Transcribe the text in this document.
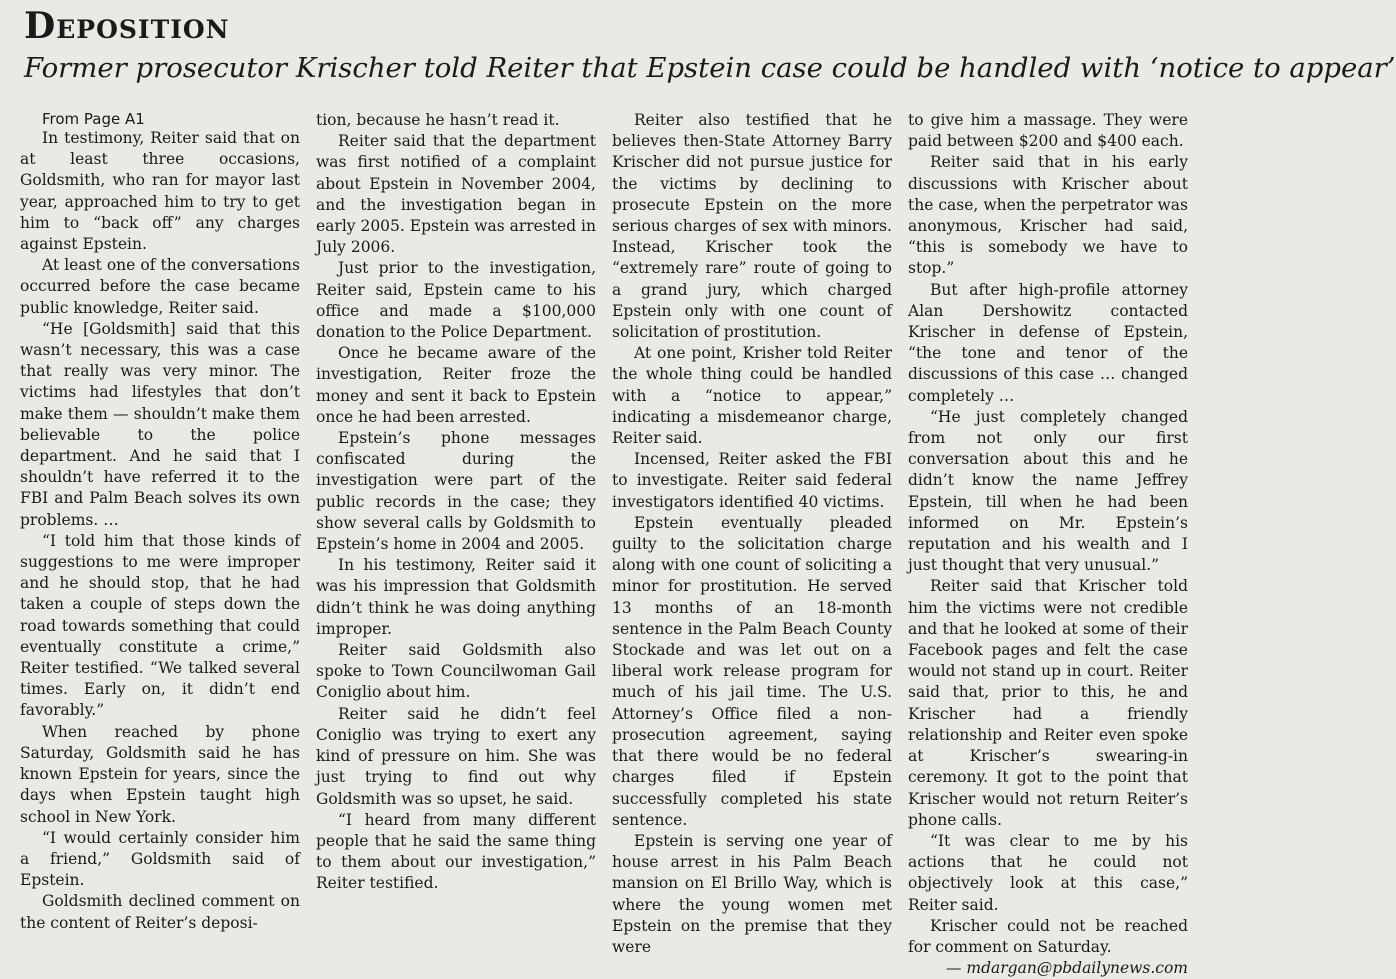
Deposition
Former prosecutor Krischer told Reiter that Epstein case could be handled with ‘notice to appear’

From Page A1

In testimony, Reiter said that on at least three occasions, Goldsmith, who ran for mayor last year, approached him to try to get him to “back off” any charges against Epstein.

At least one of the conversations occurred before the case became public knowledge, Reiter said.

“He [Goldsmith] said that this wasn’t necessary, this was a case that really was very minor. The victims had lifestyles that don’t make them — shouldn’t make them believable to the police department. And he said that I shouldn’t have referred it to the FBI and Palm Beach solves its own problems. …

“I told him that those kinds of suggestions to me were improper and he should stop, that he had taken a couple of steps down the road towards something that could eventually constitute a crime,” Reiter testified. “We talked several times. Early on, it didn’t end favorably.”

When reached by phone Saturday, Goldsmith said he has known Epstein for years, since the days when Epstein taught high school in New York.

“I would certainly consider him a friend,” Goldsmith said of Epstein.

Goldsmith declined comment on the content of Reiter’s deposi-

tion, because he hasn’t read it.

Reiter said that the department was first notified of a complaint about Epstein in November 2004, and the investigation began in early 2005. Epstein was arrested in July 2006.

Just prior to the investigation, Reiter said, Epstein came to his office and made a $100,000 donation to the Police Department.

Once he became aware of the investigation, Reiter froze the money and sent it back to Epstein once he had been arrested.

Epstein’s phone messages confiscated during the investigation were part of the public records in the case; they show several calls by Goldsmith to Epstein’s home in 2004 and 2005.

In his testimony, Reiter said it was his impression that Goldsmith didn’t think he was doing anything improper.

Reiter said Goldsmith also spoke to Town Councilwoman Gail Coniglio about him.

Reiter said he didn’t feel Coniglio was trying to exert any kind of pressure on him. She was just trying to find out why Goldsmith was so upset, he said.

“I heard from many different people that he said the same thing to them about our investigation,” Reiter testified.

Reiter also testified that he believes then-State Attorney Barry Krischer did not pursue justice for the victims by declining to prosecute Epstein on the more serious charges of sex with minors. Instead, Krischer took the “extremely rare” route of going to a grand jury, which charged Epstein only with one count of solicitation of prostitution.

At one point, Krisher told Reiter the whole thing could be handled with a “notice to appear,” indicating a misdemeanor charge, Reiter said.

Incensed, Reiter asked the FBI to investigate. Reiter said federal investigators identified 40 victims.

Epstein eventually pleaded guilty to the solicitation charge along with one count of soliciting a minor for prostitution. He served 13 months of an 18-month sentence in the Palm Beach County Stockade and was let out on a liberal work release program for much of his jail time. The U.S. Attorney’s Office filed a non-prosecution agreement, saying that there would be no federal charges filed if Epstein successfully completed his state sentence.

Epstein is serving one year of house arrest in his Palm Beach mansion on El Brillo Way, which is where the young women met Epstein on the premise that they were

to give him a massage. They were paid between $200 and $400 each.

Reiter said that in his early discussions with Krischer about the case, when the perpetrator was anonymous, Krischer had said, “this is somebody we have to stop.”

But after high-profile attorney Alan Dershowitz contacted Krischer in defense of Epstein, “the tone and tenor of the discussions of this case … changed completely …

“He just completely changed from not only our first conversation about this and he didn’t know the name Jeffrey Epstein, till when he had been informed on Mr. Epstein’s reputation and his wealth and I just thought that very unusual.”

Reiter said that Krischer told him the victims were not credible and that he looked at some of their Facebook pages and felt the case would not stand up in court. Reiter said that, prior to this, he and Krischer had a friendly relationship and Reiter even spoke at Krischer’s swearing-in ceremony. It got to the point that Krischer would not return Reiter’s phone calls.

“It was clear to me by his actions that he could not objectively look at this case,” Reiter said.

Krischer could not be reached for comment on Saturday.

— mdargan@pbdailynews.com
